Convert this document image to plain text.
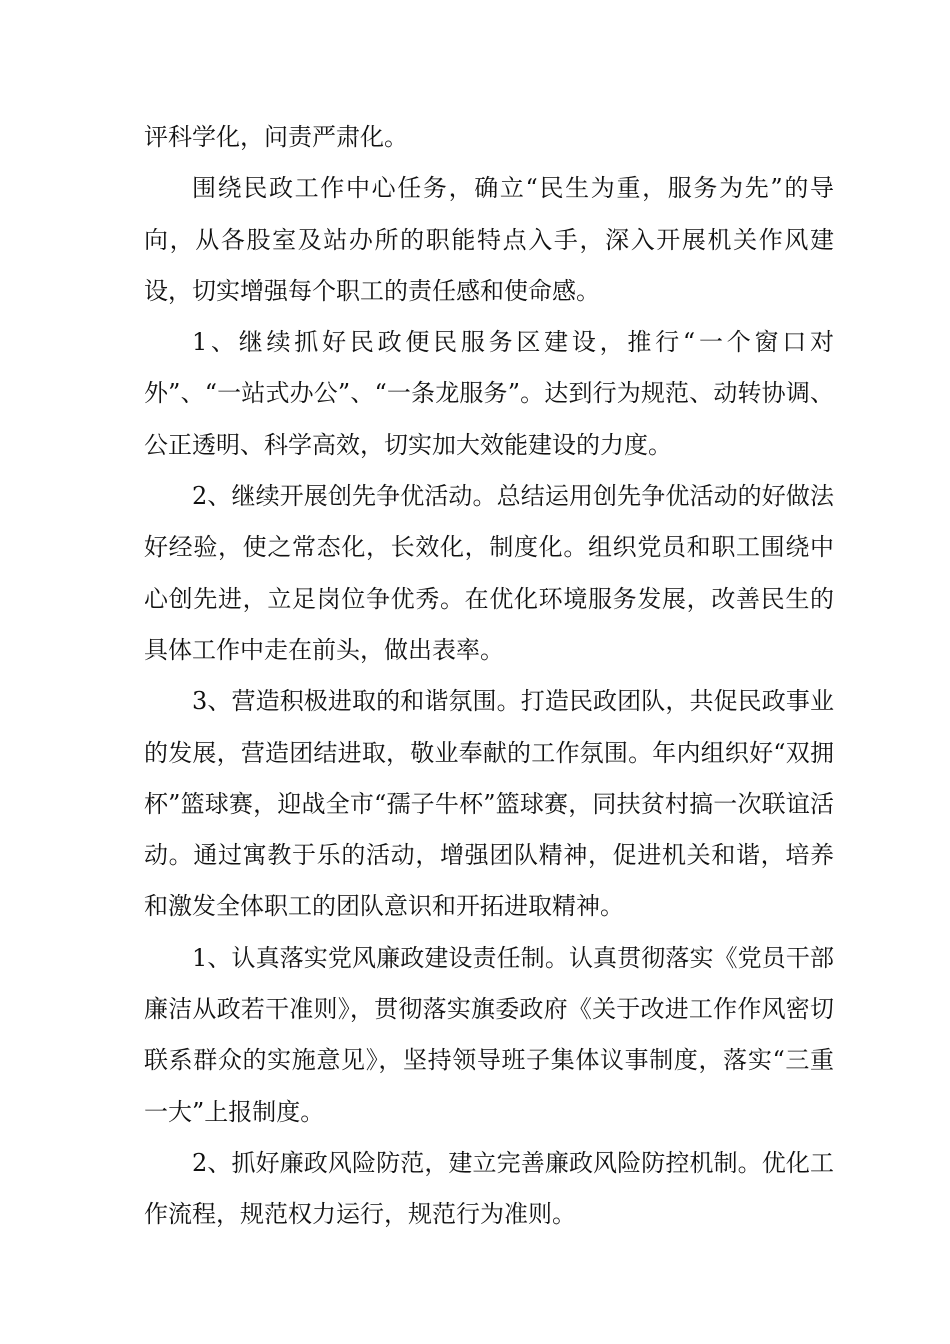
评科学化，问责严肃化。

围绕民政工作中心任务，确立“民生为重，服务为先”的导向，从各股室及站办所的职能特点入手，深入开展机关作风建设，切实增强每个职工的责任感和使命感。

1、继续抓好民政便民服务区建设，推行“一个窗口对外”、“一站式办公”、“一条龙服务”。达到行为规范、动转协调、公正透明、科学高效，切实加大效能建设的力度。

2、继续开展创先争优活动。总结运用创先争优活动的好做法好经验，使之常态化，长效化，制度化。组织党员和职工围绕中心创先进，立足岗位争优秀。在优化环境服务发展，改善民生的具体工作中走在前头，做出表率。

3、营造积极进取的和谐氛围。打造民政团队，共促民政事业的发展，营造团结进取，敬业奉献的工作氛围。年内组织好“双拥杯”篮球赛，迎战全市“孺子牛杯”篮球赛，同扶贫村搞一次联谊活动。通过寓教于乐的活动，增强团队精神，促进机关和谐，培养和激发全体职工的团队意识和开拓进取精神。

1、认真落实党风廉政建设责任制。认真贯彻落实《党员干部廉洁从政若干准则》，贯彻落实旗委政府《关于改进工作作风密切联系群众的实施意见》，坚持领导班子集体议事制度，落实“三重一大”上报制度。

2、抓好廉政风险防范，建立完善廉政风险防控机制。优化工作流程，规范权力运行，规范行为准则。
